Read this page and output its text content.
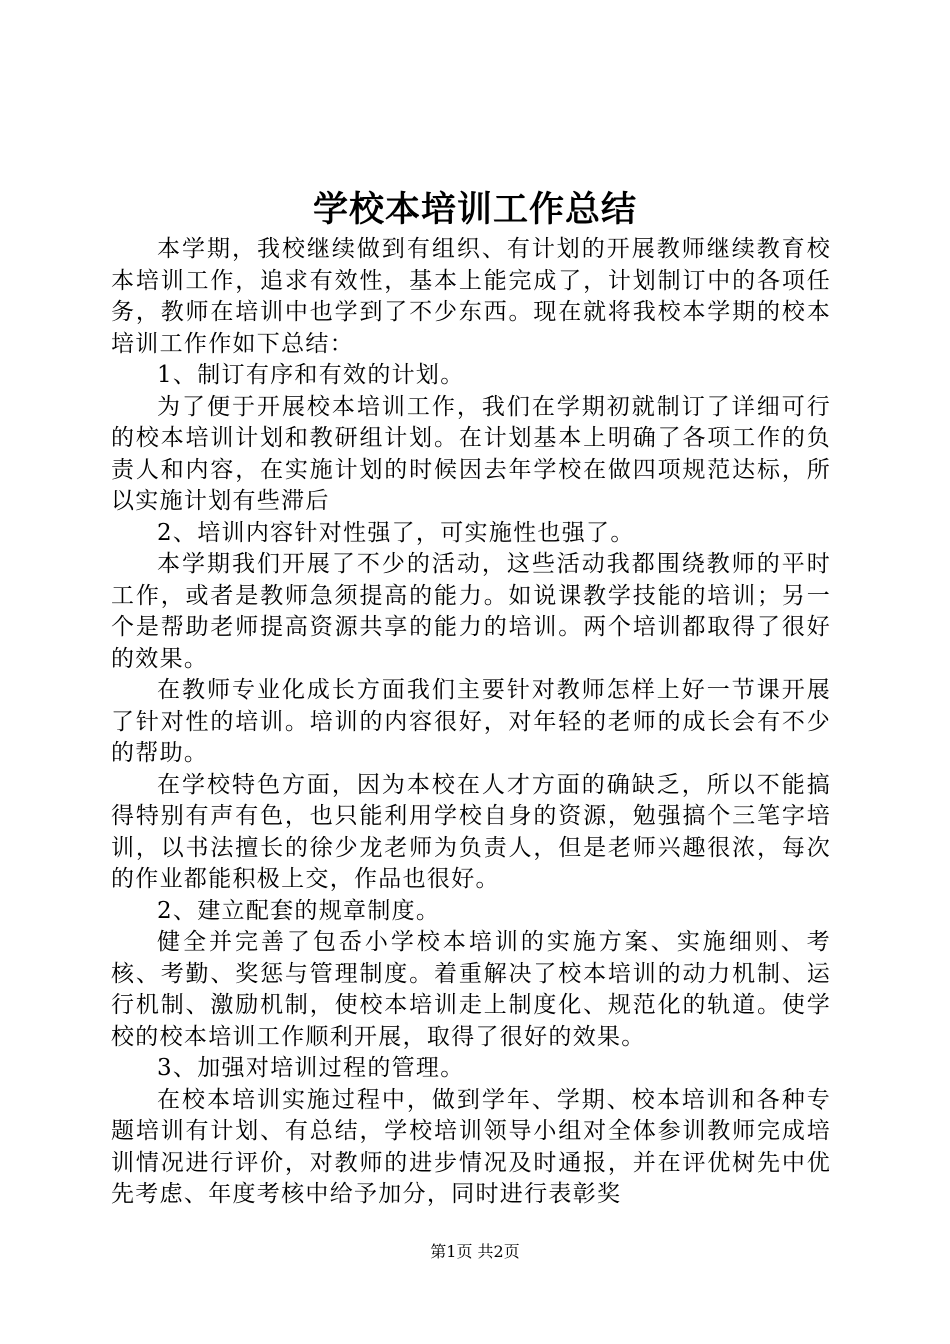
学校本培训工作总结

本学期，我校继续做到有组织、有计划的开展教师继续教育校本培训工作，追求有效性，基本上能完成了，计划制订中的各项任务，教师在培训中也学到了不少东西。现在就将我校本学期的校本培训工作作如下总结：

1、制订有序和有效的计划。

为了便于开展校本培训工作，我们在学期初就制订了详细可行的校本培训计划和教研组计划。在计划基本上明确了各项工作的负责人和内容，在实施计划的时候因去年学校在做四项规范达标，所以实施计划有些滞后

2、培训内容针对性强了，可实施性也强了。

本学期我们开展了不少的活动，这些活动我都围绕教师的平时工作，或者是教师急须提高的能力。如说课教学技能的培训；另一个是帮助老师提高资源共享的能力的培训。两个培训都取得了很好的效果。

在教师专业化成长方面我们主要针对教师怎样上好一节课开展了针对性的培训。培训的内容很好，对年轻的老师的成长会有不少的帮助。

在学校特色方面，因为本校在人才方面的确缺乏，所以不能搞得特别有声有色，也只能利用学校自身的资源，勉强搞个三笔字培训，以书法擅长的徐少龙老师为负责人，但是老师兴趣很浓，每次的作业都能积极上交，作品也很好。

2、建立配套的规章制度。

健全并完善了包岙小学校本培训的实施方案、实施细则、考核、考勤、奖惩与管理制度。着重解决了校本培训的动力机制、运行机制、激励机制，使校本培训走上制度化、规范化的轨道。使学校的校本培训工作顺利开展，取得了很好的效果。

3、加强对培训过程的管理。

在校本培训实施过程中，做到学年、学期、校本培训和各种专题培训有计划、有总结，学校培训领导小组对全体参训教师完成培训情况进行评价，对教师的进步情况及时通报，并在评优树先中优先考虑、年度考核中给予加分，同时进行表彰奖

第1页 共2页
